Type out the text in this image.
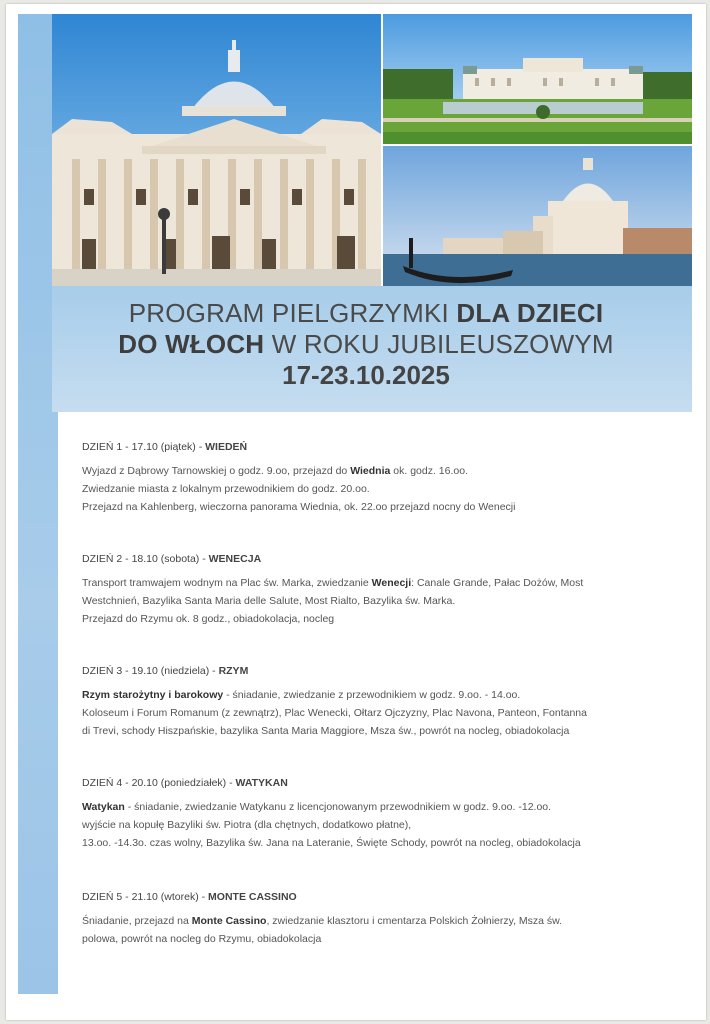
PROGRAM PIELGRZYMKI DLA DZIECI
DO WŁOCH W ROKU JUBILEUSZOWYM
17-23.10.2025
DZIEŃ 1 - 17.10 (piątek) - WIEDEŃ

Wyjazd z Dąbrowy Tarnowskiej o godz. 9.oo, przejazd do Wiednia ok. godz. 16.oo.

Zwiedzanie miasta z lokalnym przewodnikiem do godz. 20.oo.

Przejazd na Kahlenberg, wieczorna panorama Wiednia, ok. 22.oo przejazd nocny do Wenecji

DZIEŃ 2 - 18.10 (sobota) - WENECJA

Transport tramwajem wodnym na Plac św. Marka, zwiedzanie Wenecji: Canale Grande, Pałac Dożów, Most

Westchnień, Bazylika Santa Maria delle Salute, Most Rialto, Bazylika św. Marka.

Przejazd do Rzymu ok. 8 godz., obiadokolacja, nocleg

DZIEŃ 3 - 19.10 (niedziela) - RZYM

Rzym starożytny i barokowy - śniadanie, zwiedzanie z przewodnikiem w godz. 9.oo. - 14.oo.

Koloseum i Forum Romanum (z zewnątrz), Plac Wenecki, Ołtarz Ojczyzny, Plac Navona, Panteon, Fontanna

di Trevi, schody Hiszpańskie, bazylika Santa Maria Maggiore, Msza św., powrót na nocleg, obiadokolacja

DZIEŃ 4 - 20.10 (poniedziałek) - WATYKAN

Watykan - śniadanie, zwiedzanie Watykanu z licencjonowanym przewodnikiem w godz. 9.oo. -12.oo.

wyjście na kopułę Bazyliki św. Piotra (dla chętnych, dodatkowo płatne),

13.oo. -14.3o. czas wolny, Bazylika św. Jana na Lateranie, Święte Schody, powrót na nocleg, obiadokolacja

DZIEŃ 5 - 21.10 (wtorek) - MONTE CASSINO

Śniadanie, przejazd na Monte Cassino, zwiedzanie klasztoru i cmentarza Polskich Żołnierzy, Msza św.

polowa, powrót na nocleg do Rzymu, obiadokolacja
